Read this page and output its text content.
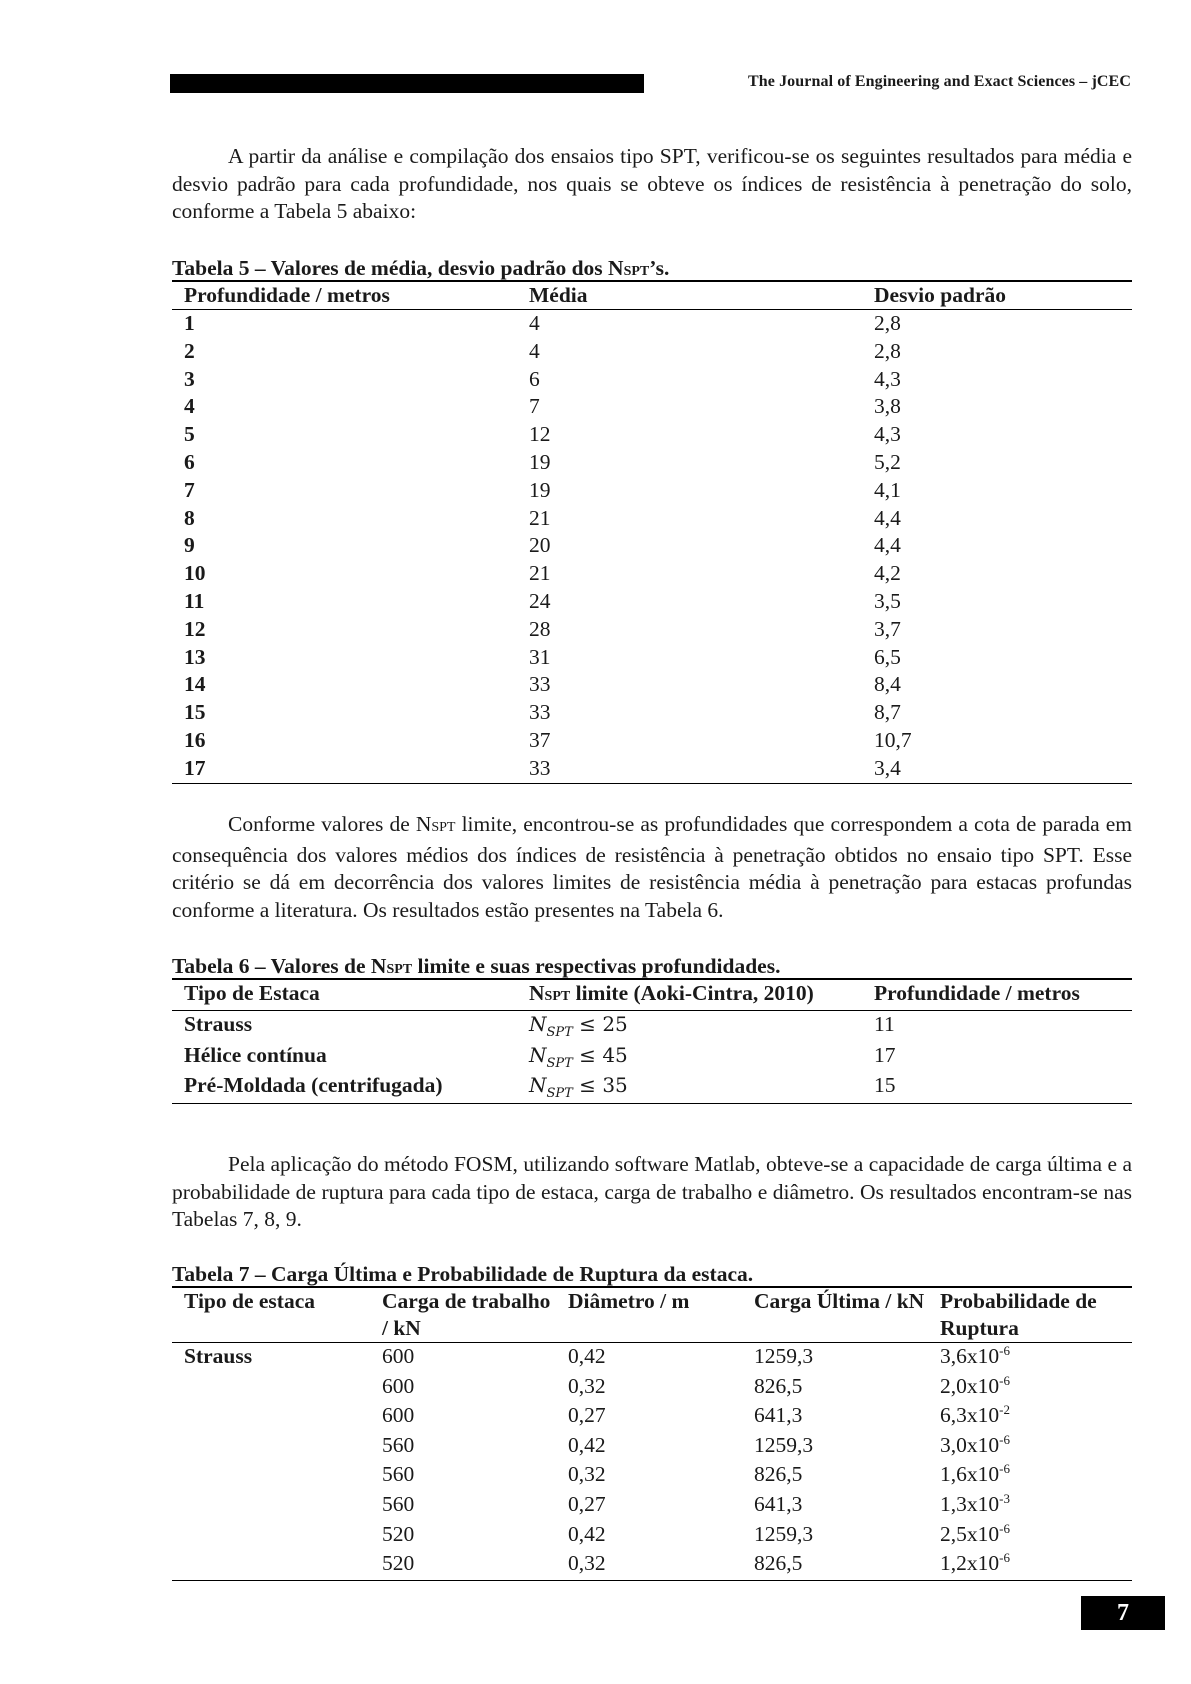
The Journal of Engineering and Exact Sciences – jCEC

A partir da análise e compilação dos ensaios tipo SPT, verificou-se os seguintes resultados para média e desvio padrão para cada profundidade, nos quais se obteve os índices de resistência à penetração do solo, conforme a Tabela 5 abaixo:

Tabela 5 – Valores de média, desvio padrão dos NSPT’s.
Profundidade / metros	Média	Desvio padrão
1	4	2,8
2	4	2,8
3	6	4,3
4	7	3,8
5	12	4,3
6	19	5,2
7	19	4,1
8	21	4,4
9	20	4,4
10	21	4,2
11	24	3,5
12	28	3,7
13	31	6,5
14	33	8,4
15	33	8,7
16	37	10,7
17	33	3,4

Conforme valores de NSPT limite, encontrou-se as profundidades que correspondem a cota de parada em consequência dos valores médios dos índices de resistência à penetração obtidos no ensaio tipo SPT. Esse critério se dá em decorrência dos valores limites de resistência média à penetração para estacas profundas conforme a literatura. Os resultados estão presentes na Tabela 6.

Tabela 6 – Valores de NSPT limite e suas respectivas profundidades.
Tipo de Estaca	NSPT limite (Aoki-Cintra, 2010)	Profundidade / metros
Strauss	$N_{SPT} \le 25$	11
Hélice contínua	$N_{SPT} \le 45$	17
Pré-Moldada (centrifugada)	$N_{SPT} \le 35$	15

Pela aplicação do método FOSM, utilizando software Matlab, obteve-se a capacidade de carga última e a probabilidade de ruptura para cada tipo de estaca, carga de trabalho e diâmetro. Os resultados encontram-se nas Tabelas 7, 8, 9.

Tabela 7 – Carga Última e Probabilidade de Ruptura da estaca.
Tipo de estaca	Carga de trabalho / kN	Diâmetro / m	Carga Última / kN	Probabilidade de Ruptura
Strauss	600	0,42	1259,3	$3,6x10^{-6}$
	600	0,32	826,5	$2,0x10^{-6}$
	600	0,27	641,3	$6,3x10^{-2}$
	560	0,42	1259,3	$3,0x10^{-6}$
	560	0,32	826,5	$1,6x10^{-6}$
	560	0,27	641,3	$1,3x10^{-3}$
	520	0,42	1259,3	$2,5x10^{-6}$
	520	0,32	826,5	$1,2x10^{-6}$
7
